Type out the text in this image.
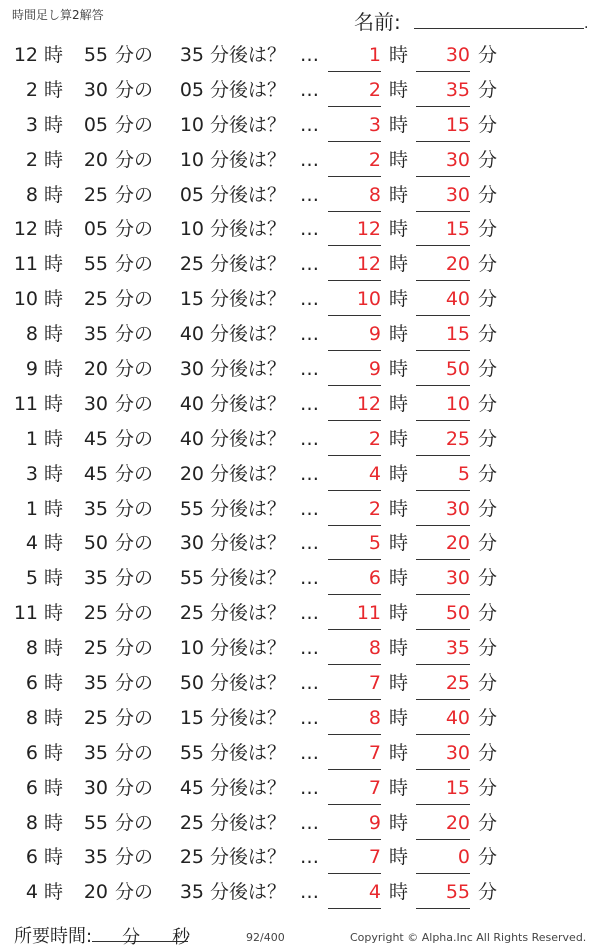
時間足し算2解答	名前:	.
12 時	55 分の	35 分後は？ …	1 時	30 分
2 時	30 分の	05 分後は？ …	2 時	35 分
3 時	05 分の	10 分後は？ …	3 時	15 分
2 時	20 分の	10 分後は？ …	2 時	30 分
8 時	25 分の	05 分後は？ …	8 時	30 分
12 時	05 分の	10 分後は？ …	12 時	15 分
11 時	55 分の	25 分後は？ …	12 時	20 分
10 時	25 分の	15 分後は？ …	10 時	40 分
8 時	35 分の	40 分後は？ …	9 時	15 分
9 時	20 分の	30 分後は？ …	9 時	50 分
11 時	30 分の	40 分後は？ …	12 時	10 分
1 時	45 分の	40 分後は？ …	2 時	25 分
3 時	45 分の	20 分後は？ …	4 時	5 分
1 時	35 分の	55 分後は？ …	2 時	30 分
4 時	50 分の	30 分後は？ …	5 時	20 分
5 時	35 分の	55 分後は？ …	6 時	30 分
11 時	25 分の	25 分後は？ …	11 時	50 分
8 時	25 分の	10 分後は？ …	8 時	35 分
6 時	35 分の	50 分後は？ …	7 時	25 分
8 時	25 分の	15 分後は？ …	8 時	40 分
6 時	35 分の	55 分後は？ …	7 時	30 分
6 時	30 分の	45 分後は？ …	7 時	15 分
8 時	55 分の	25 分後は？ …	9 時	20 分
6 時	35 分の	25 分後は？ …	7 時	0 分
4 時	20 分の	35 分後は？ …	4 時	55 分
所要時間: 分 秒	92/400	Copyright © Alpha.Inc All Rights Reserved.
